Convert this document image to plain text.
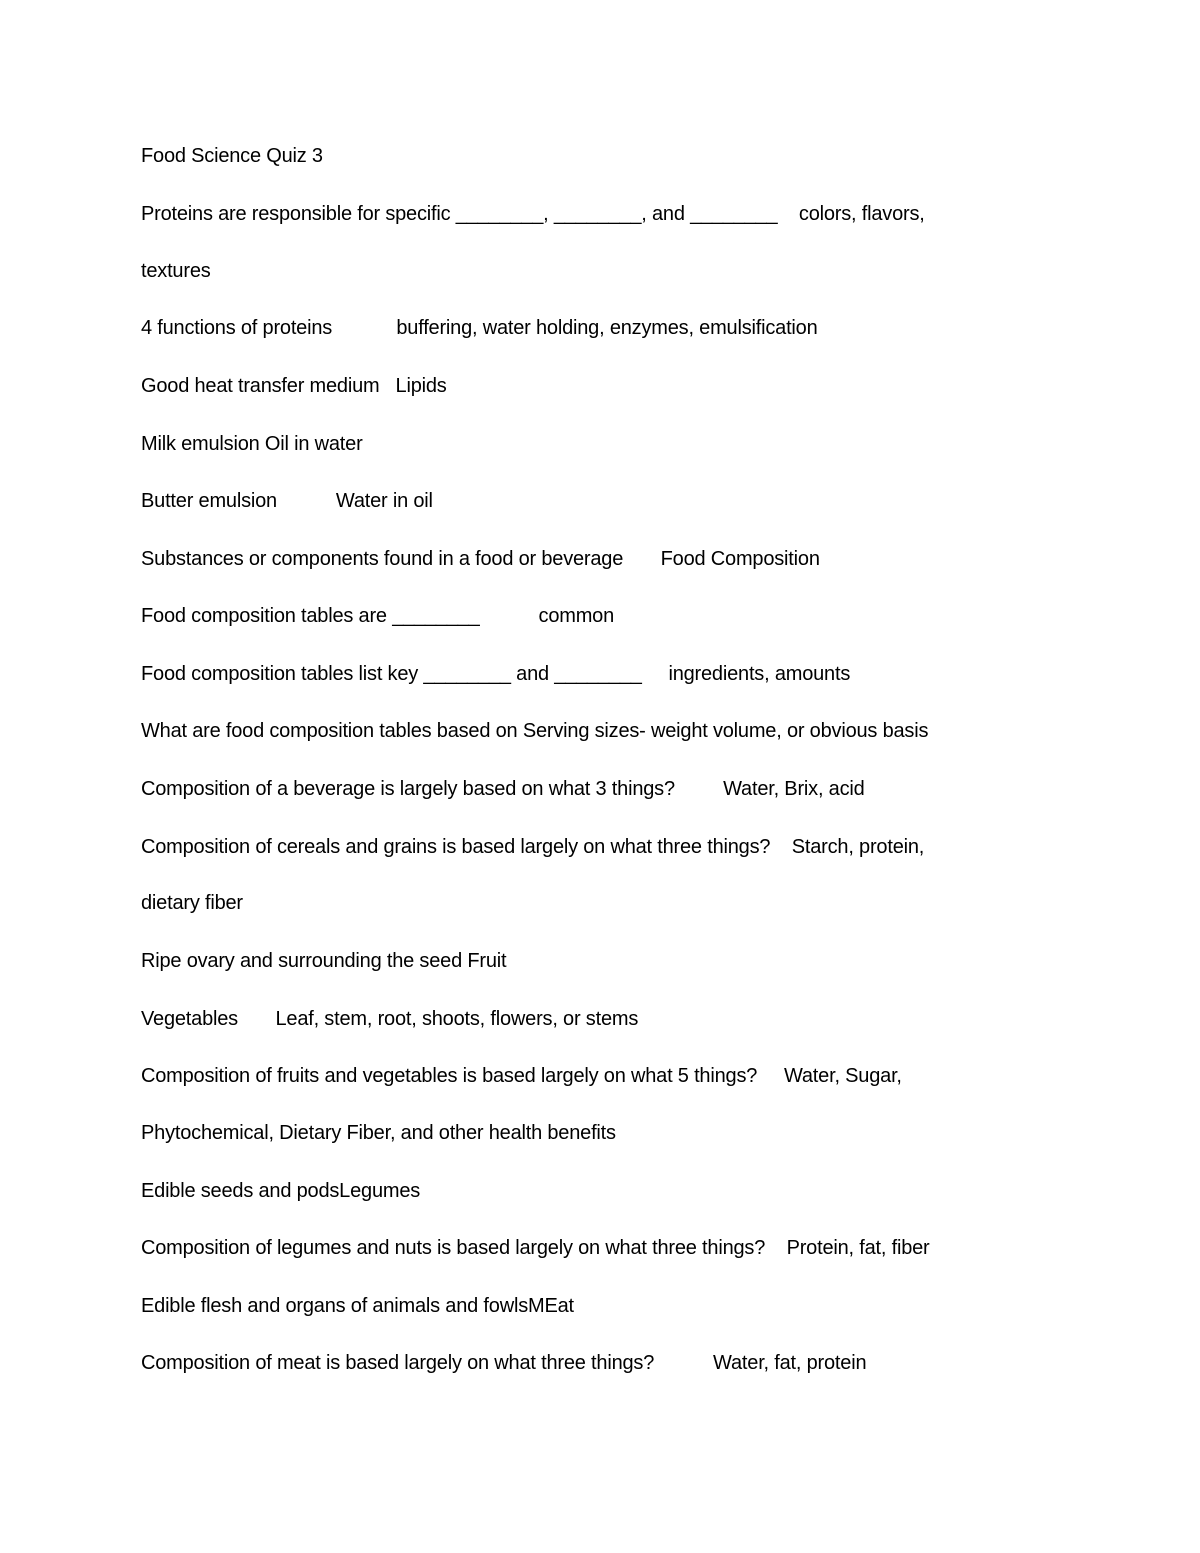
Food Science Quiz 3
Proteins are responsible for specific ________, ________, and ________    colors, flavors,
textures
4 functions of proteins            buffering, water holding, enzymes, emulsification
Good heat transfer medium   Lipids
Milk emulsion Oil in water
Butter emulsion           Water in oil
Substances or components found in a food or beverage       Food Composition
Food composition tables are ________           common
Food composition tables list key ________ and ________     ingredients, amounts
What are food composition tables based on Serving sizes- weight volume, or obvious basis
Composition of a beverage is largely based on what 3 things?         Water, Brix, acid
Composition of cereals and grains is based largely on what three things?    Starch, protein,
dietary fiber
Ripe ovary and surrounding the seed Fruit
Vegetables       Leaf, stem, root, shoots, flowers, or stems
Composition of fruits and vegetables is based largely on what 5 things?     Water, Sugar,
Phytochemical, Dietary Fiber, and other health benefits
Edible seeds and podsLegumes
Composition of legumes and nuts is based largely on what three things?    Protein, fat, fiber
Edible flesh and organs of animals and fowlsMEat
Composition of meat is based largely on what three things?           Water, fat, protein
